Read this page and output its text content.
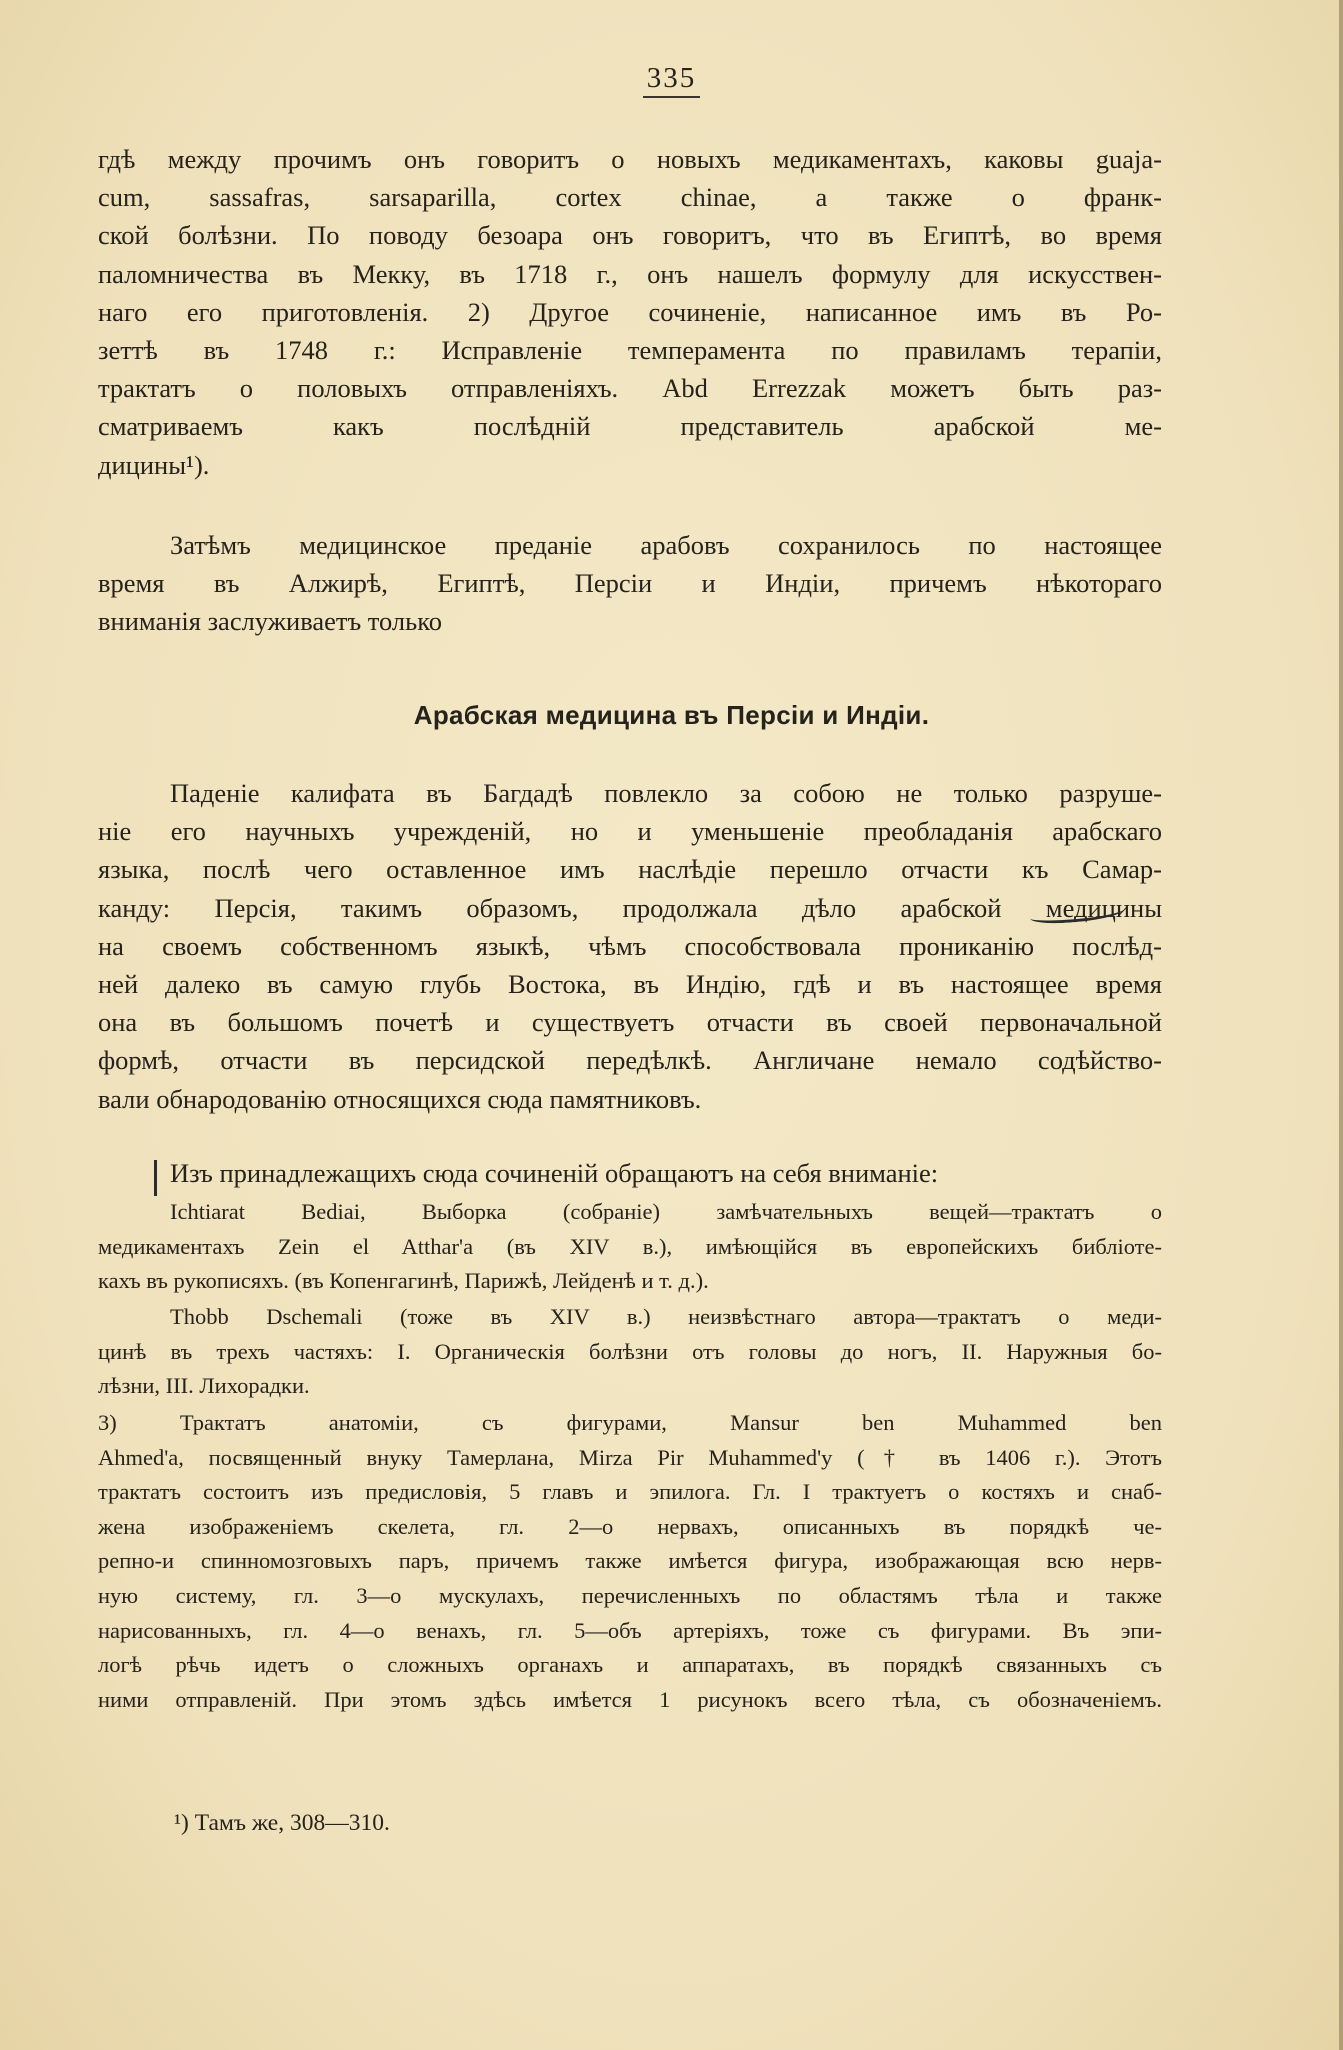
335
гдѣ между прочимъ онъ говоритъ о новыхъ медикаментахъ, каковы guaja-
cum, sassafras, sarsaparilla, cortex chinae, а также о франк-
ской болѣзни. По поводу безоара онъ говоритъ, что въ Египтѣ, во время
паломничества въ Мекку, въ 1718 г., онъ нашелъ формулу для искусствен-
наго его приготовленія. 2) Другое сочиненіе, написанное имъ въ Ро-
зеттѣ въ 1748 г.: Исправленіе темперамента по правиламъ терапіи,
трактатъ о половыхъ отправленіяхъ. Abd Errezzak можетъ быть раз-
сматриваемъ какъ послѣдній представитель арабской ме-
дицины¹).
Затѣмъ медицинское преданіе арабовъ сохранилось по настоящее
время въ Алжирѣ, Египтѣ, Персіи и Индіи, причемъ нѣкотораго
вниманія заслуживаетъ только
Арабская медицина въ Персіи и Индіи.
Паденіе калифата въ Багдадѣ повлекло за собою не только разруше-
ніе его научныхъ учрежденій, но и уменьшеніе преобладанія арабскаго
языка, послѣ чего оставленное имъ наслѣдіе перешло отчасти къ Самар-
канду: Персія, такимъ образомъ, продолжала дѣло арабской медицины
на своемъ собственномъ языкѣ, чѣмъ способствовала проникaнію послѣд-
ней далеко въ самую глубь Востока, въ Индію, гдѣ и въ настоящее время
она въ большомъ почетѣ и существуетъ отчасти въ своей первоначальной
формѣ, отчасти въ персидской передѣлкѣ. Англичане немало содѣйство-
вали обнародованію относящихся сюда памятниковъ.
Изъ принадлежащихъ сюда сочиненій обращаютъ на себя вниманіе:
Ichtiarat Bediai, Выборка (собраніе) замѣчательныхъ вещей—трактатъ о
медикаментахъ Zein el Atthar'а (въ XIV в.), имѣющійся въ европейскихъ библіоте-
кахъ въ рукописяхъ. (въ Копенгагинѣ, Парижѣ, Лейденѣ и т. д.).
Thobb Dschemali (тоже въ XIV в.) неизвѣстнаго автора—трактатъ о меди-
цинѣ въ трехъ частяхъ: I. Органическія болѣзни отъ головы до ногъ, II. Наружныя бо-
лѣзни, III. Лихорадки.
3) Трактатъ анатоміи, съ фигурами, Mansur ben Muhammed ben
Ahmed'а, посвященный внуку Тамерлана, Mirza Pir Muhammed'у († въ 1406 г.). Этотъ
трактатъ состоитъ изъ предисловія, 5 главъ и эпилога. Гл. I трактуетъ о костяхъ и снаб-
жена изображеніемъ скелета, гл. 2—о нервахъ, описанныхъ въ порядкѣ че-
репно-и спинномозговыхъ паръ, причемъ также имѣется фигура, изображающая всю нерв-
ную систему, гл. 3—о мускулахъ, перечисленныхъ по областямъ тѣла и также
нарисованныхъ, гл. 4—о венахъ, гл. 5—объ артеріяхъ, тоже съ фигурами. Въ эпи-
логѣ рѣчь идетъ о сложныхъ органахъ и аппаратахъ, въ порядкѣ связанныхъ съ
ними отправленій. При этомъ здѣсь имѣется 1 рисунокъ всего тѣла, съ обозначеніемъ.
¹) Тамъ же, 308—310.
